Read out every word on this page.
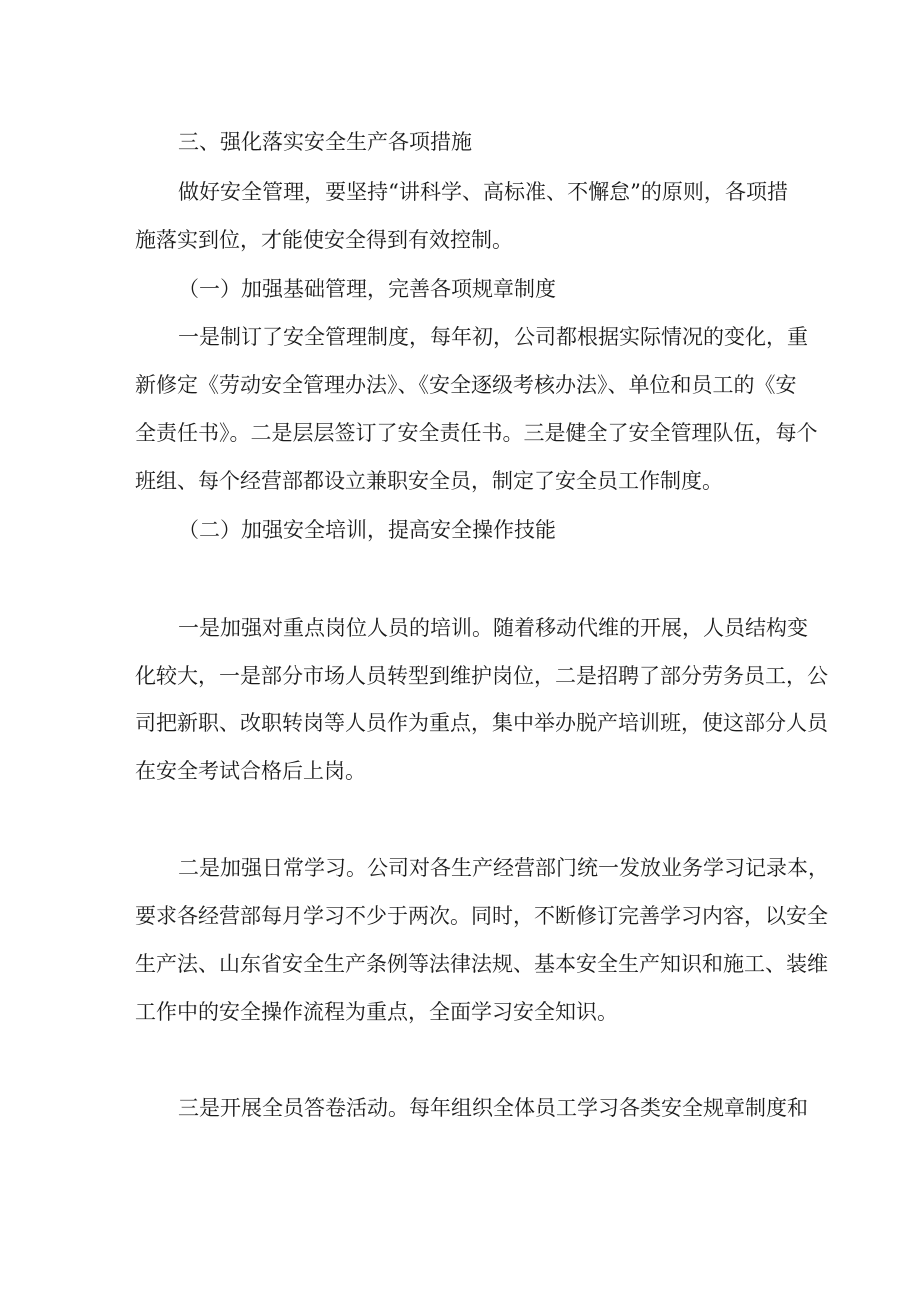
三、强化落实安全生产各项措施
做好安全管理，要坚持“讲科学、高标准、不懈怠”的原则，各项措
施落实到位，才能使安全得到有效控制。
（一）加强基础管理，完善各项规章制度
一是制订了安全管理制度，每年初，公司都根据实际情况的变化，重
新修定《劳动安全管理办法》、《安全逐级考核办法》、单位和员工的《安
全责任书》。二是层层签订了安全责任书。三是健全了安全管理队伍，每个
班组、每个经营部都设立兼职安全员，制定了安全员工作制度。
（二）加强安全培训，提高安全操作技能
一是加强对重点岗位人员的培训。随着移动代维的开展，人员结构变
化较大，一是部分市场人员转型到维护岗位，二是招聘了部分劳务员工，公
司把新职、改职转岗等人员作为重点，集中举办脱产培训班，使这部分人员
在安全考试合格后上岗。
二是加强日常学习。公司对各生产经营部门统一发放业务学习记录本，
要求各经营部每月学习不少于两次。同时，不断修订完善学习内容，以安全
生产法、山东省安全生产条例等法律法规、基本安全生产知识和施工、装维
工作中的安全操作流程为重点，全面学习安全知识。
三是开展全员答卷活动。每年组织全体员工学习各类安全规章制度和
